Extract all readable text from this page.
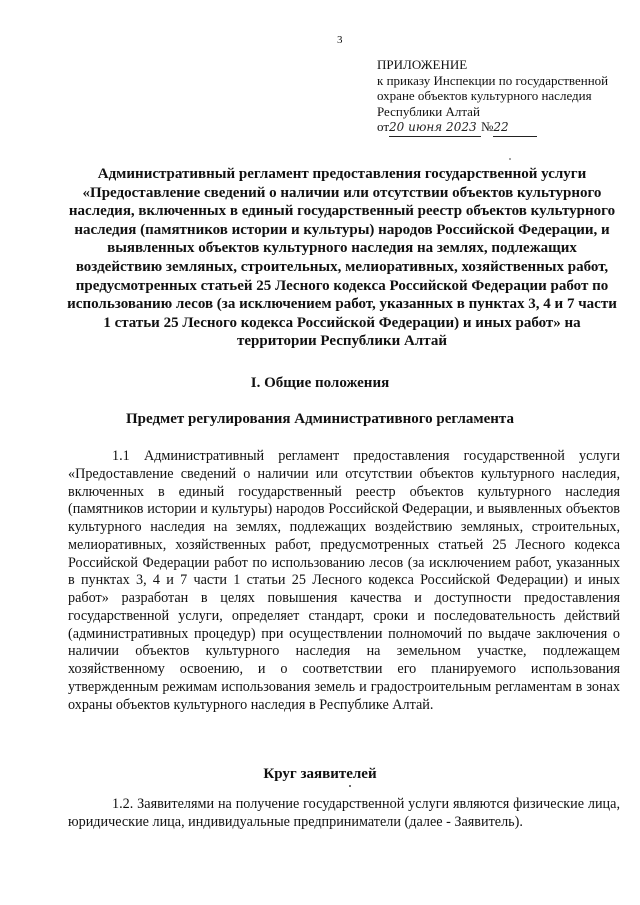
3
ПРИЛОЖЕНИЕ
к приказу Инспекции по государственной
охране объектов культурного наследия
Республики Алтай
от20 июня 2023 №22
Административный регламент предоставления государственной услуги «Предоставление сведений о наличии или отсутствии объектов культурного наследия, включенных в единый государственный реестр объектов культурного наследия (памятников истории и культуры) народов Российской Федерации, и выявленных объектов культурного наследия на землях, подлежащих воздействию земляных, строительных, мелиоративных, хозяйственных работ, предусмотренных статьей 25 Лесного кодекса Российской Федерации работ по использованию лесов (за исключением работ, указанных в пунктах 3, 4 и 7 части 1 статьи 25 Лесного кодекса Российской Федерации) и иных работ» на территории Республики Алтай
I. Общие положения
Предмет регулирования Административного регламента
1.1 Административный регламент предоставления государственной услуги «Предоставление сведений о наличии или отсутствии объектов культурного наследия, включенных в единый государственный реестр объектов культурного наследия (памятников истории и культуры) народов Российской Федерации, и выявленных объектов культурного наследия на землях, подлежащих воздействию земляных, строительных, мелиоративных, хозяйственных работ, предусмотренных статьей 25 Лесного кодекса Российской Федерации работ по использованию лесов (за исключением работ, указанных в пунктах 3, 4 и 7 части 1 статьи 25 Лесного кодекса Российской Федерации) и иных работ» разработан в целях повышения качества и доступности предоставления государственной услуги, определяет стандарт, сроки и последовательность действий (административных процедур) при осуществлении полномочий по выдаче заключения о наличии объектов культурного наследия на земельном участке, подлежащем хозяйственному освоению, и о соответствии его планируемого использования утвержденным режимам использования земель и градостроительным регламентам в зонах охраны объектов культурного наследия в Республике Алтай.
Круг заявителей
1.2. Заявителями на получение государственной услуги являются физические лица, юридические лица, индивидуальные предприниматели (далее - Заявитель).
